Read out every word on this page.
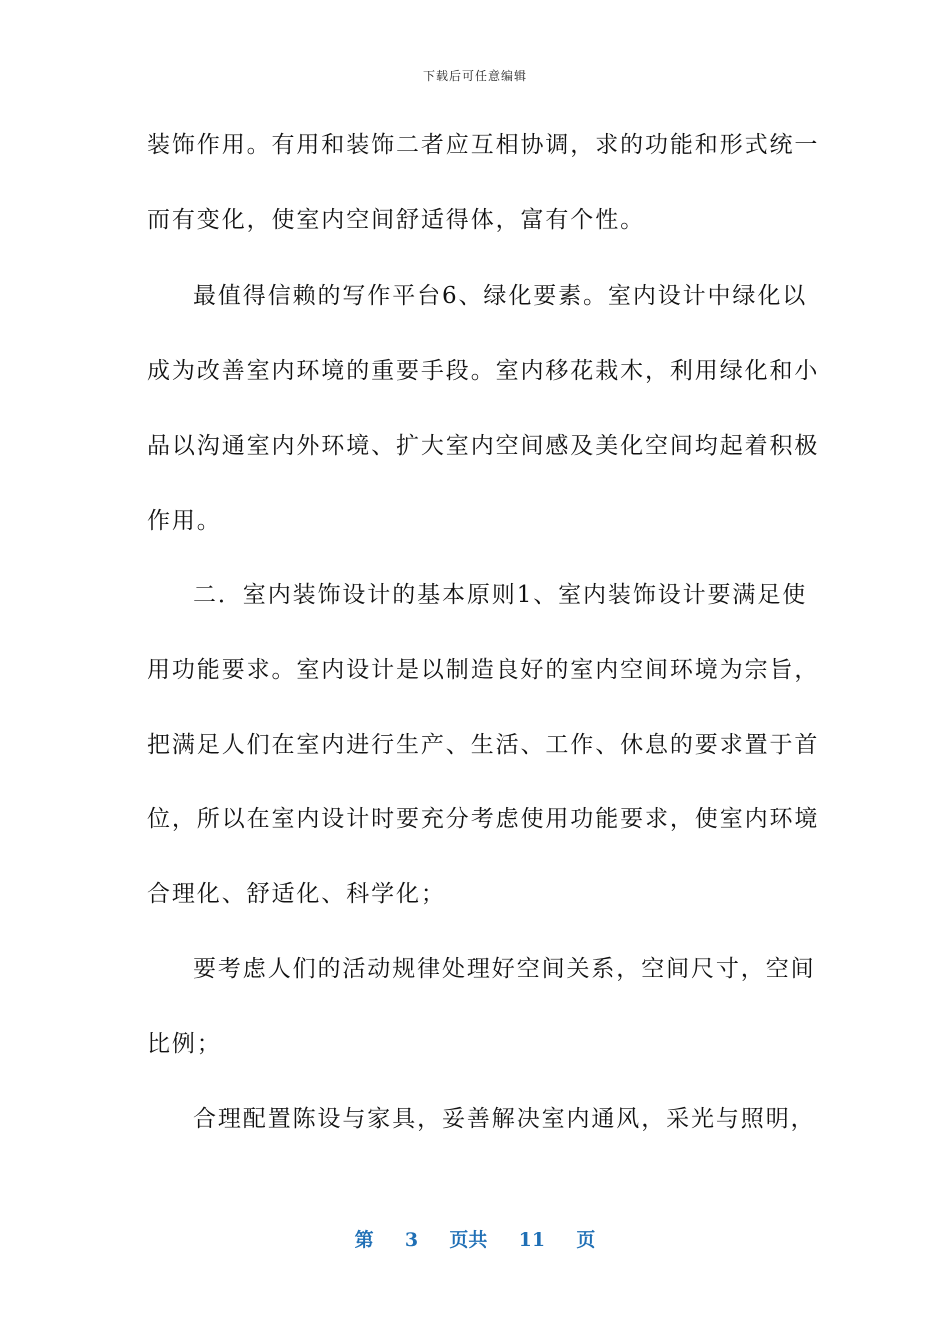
下载后可任意编辑
装饰作用。有用和装饰二者应互相协调，求的功能和形式统一
而有变化，使室内空间舒适得体，富有个性。
最值得信赖的写作平台6、绿化要素。室内设计中绿化以
成为改善室内环境的重要手段。室内移花栽木，利用绿化和小
品以沟通室内外环境、扩大室内空间感及美化空间均起着积极
作用。
二．室内装饰设计的基本原则1、室内装饰设计要满足使
用功能要求。室内设计是以制造良好的室内空间环境为宗旨，
把满足人们在室内进行生产、生活、工作、休息的要求置于首
位，所以在室内设计时要充分考虑使用功能要求，使室内环境
合理化、舒适化、科学化；
要考虑人们的活动规律处理好空间关系，空间尺寸，空间
比例；
合理配置陈设与家具，妥善解决室内通风，采光与照明，
第 3 页共 11 页
